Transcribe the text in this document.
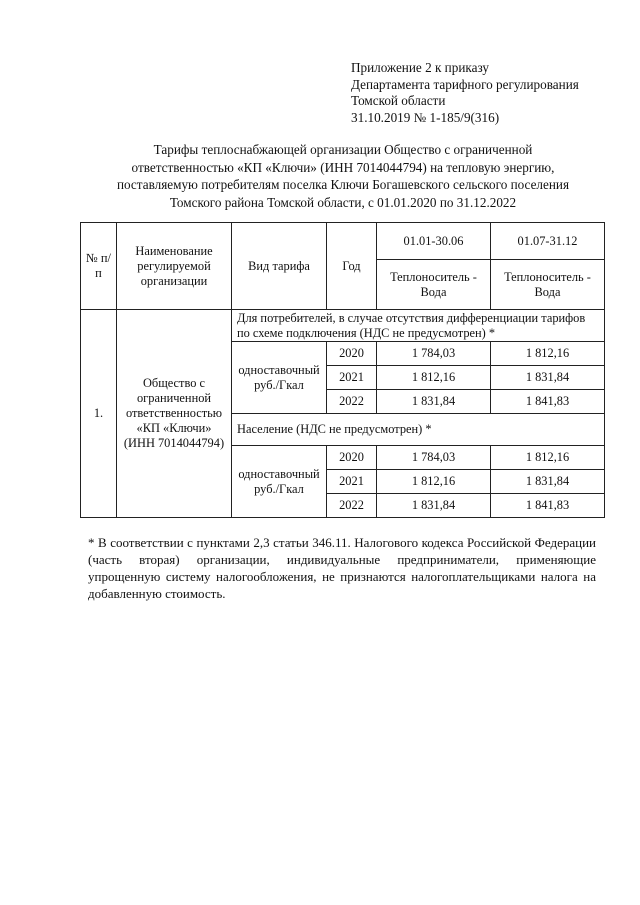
Приложение 2 к приказу
Департамента тарифного регулирования
Томской области
31.10.2019 № 1-185/9(316)
Тарифы теплоснабжающей организации Общество с ограниченной
ответственностью «КП «Ключи» (ИНН 7014044794) на тепловую энергию,
поставляемую потребителям поселка Ключи Богашевского сельского поселения
Томского района Томской области, с 01.01.2020 по 31.12.2022
№ п/п	Наименование регулируемой организации	Вид тарифа	Год	01.01-30.06	01.07-31.12
				Теплоноситель - Вода	Теплоноситель - Вода
1.	Общество с ограниченной ответственностью «КП «Ключи» (ИНН 7014044794)	Для потребителей, в случае отсутствия дифференциации тарифов по схеме подключения (НДС не предусмотрен) *			
		одноставочный руб./Гкал	2020	1 784,03	1 812,16
			2021	1 812,16	1 831,84
			2022	1 831,84	1 841,83
		Население (НДС не предусмотрен) *			
		одноставочный руб./Гкал	2020	1 784,03	1 812,16
			2021	1 812,16	1 831,84
			2022	1 831,84	1 841,83
* В соответствии с пунктами 2,3 статьи 346.11. Налогового кодекса Российской Федерации
(часть вторая) организации, индивидуальные предприниматели, применяющие
упрощенную систему налогообложения, не признаются налогоплательщиками налога на
добавленную стоимость.
